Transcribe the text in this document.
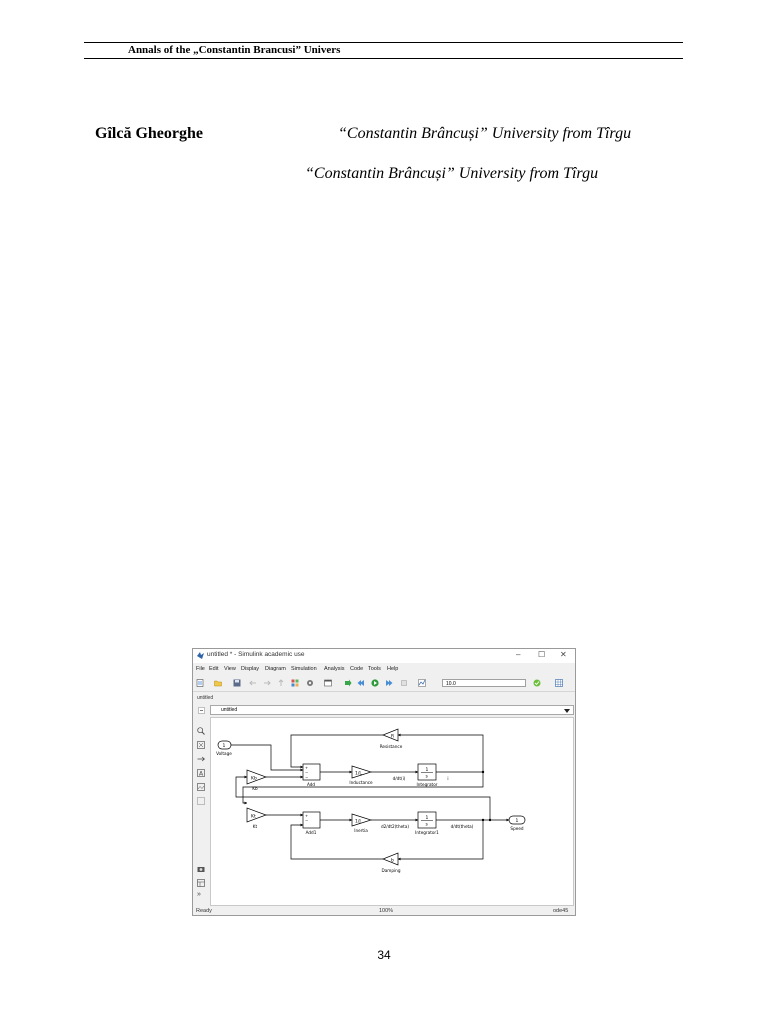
Annals of the „Constantin Brancusi” Univers
Gîlcă Gheorghe	“Constantin Brâncuși” University from Tîrgu
“Constantin Brâncuși” University from Tîrgu
untitled * - Simulink academic use	– ☐ ✕
File Edit View Display Diagram Simulation Analysis Code Tools Help
10.0
untitled
untitled
A
»
1
Kb
Kt
1/L
1/J
R
b
1
s
1
s
1
Voltage
Kb
Kt
Add
Add1
Inductance
Inertia
Integrator
Integrator1
Resistance
Damping
Speed
d/dt(i)	i
d2/dt2(theta)	d/dt(theta)
+
−
−
+
−
Ready	100%	ode45
34
